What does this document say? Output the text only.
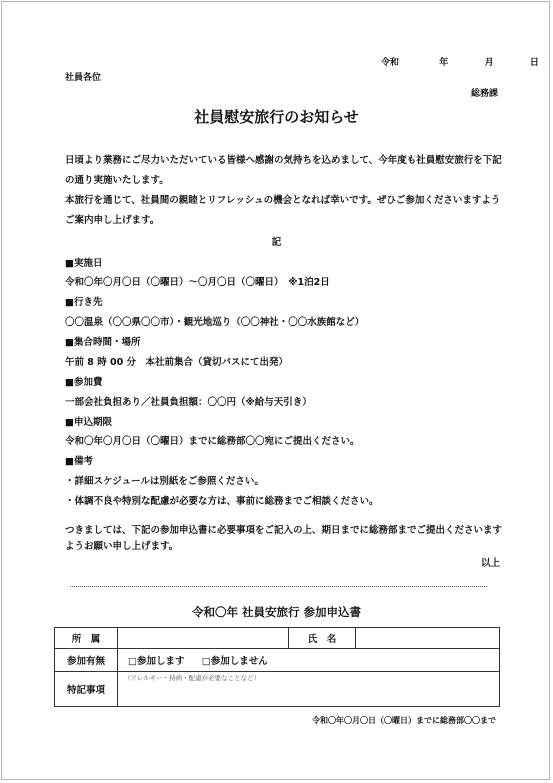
令和	年	月	日
社員各位
総務課
社員慰安旅行のお知らせ
日頃より業務にご尽力いただいている皆様へ感謝の気持ちを込めまして、今年度も社員慰安旅行を下記の通り実施いたします。
本旅行を通じて、社員間の親睦とリフレッシュの機会となれば幸いです。ぜひご参加くださいますようご案内申し上げます。
記
■実施日
令和〇年〇月〇日（〇曜日）～〇月〇日（〇曜日）　※1泊2日
■行き先
〇〇温泉（〇〇県〇〇市）・観光地巡り（〇〇神社・〇〇水族館など）
■集合時間・場所
午前 8 時 00 分　本社前集合（貸切バスにて出発）
■参加費
一部会社負担あり／社員負担額：〇〇円（※給与天引き）
■申込期限
令和〇年〇月〇日（〇曜日）までに総務部〇〇宛にご提出ください。
■備考
・詳細スケジュールは別紙をご参照ください。
・体調不良や特別な配慮が必要な方は、事前に総務までご相談ください。
つきましては、下記の参加申込書に必要事項をご記入の上、期日までに総務部までご提出くださいますようお願い申し上げます。
以上
令和〇年 社員安旅行 参加申込書
所　属		氏　名	
参加有無	□参加します □参加しません		
特記事項	（アレルギー・持病・配慮が必要なことなど）		
令和〇年〇月〇日（〇曜日）までに総務部〇〇まで
